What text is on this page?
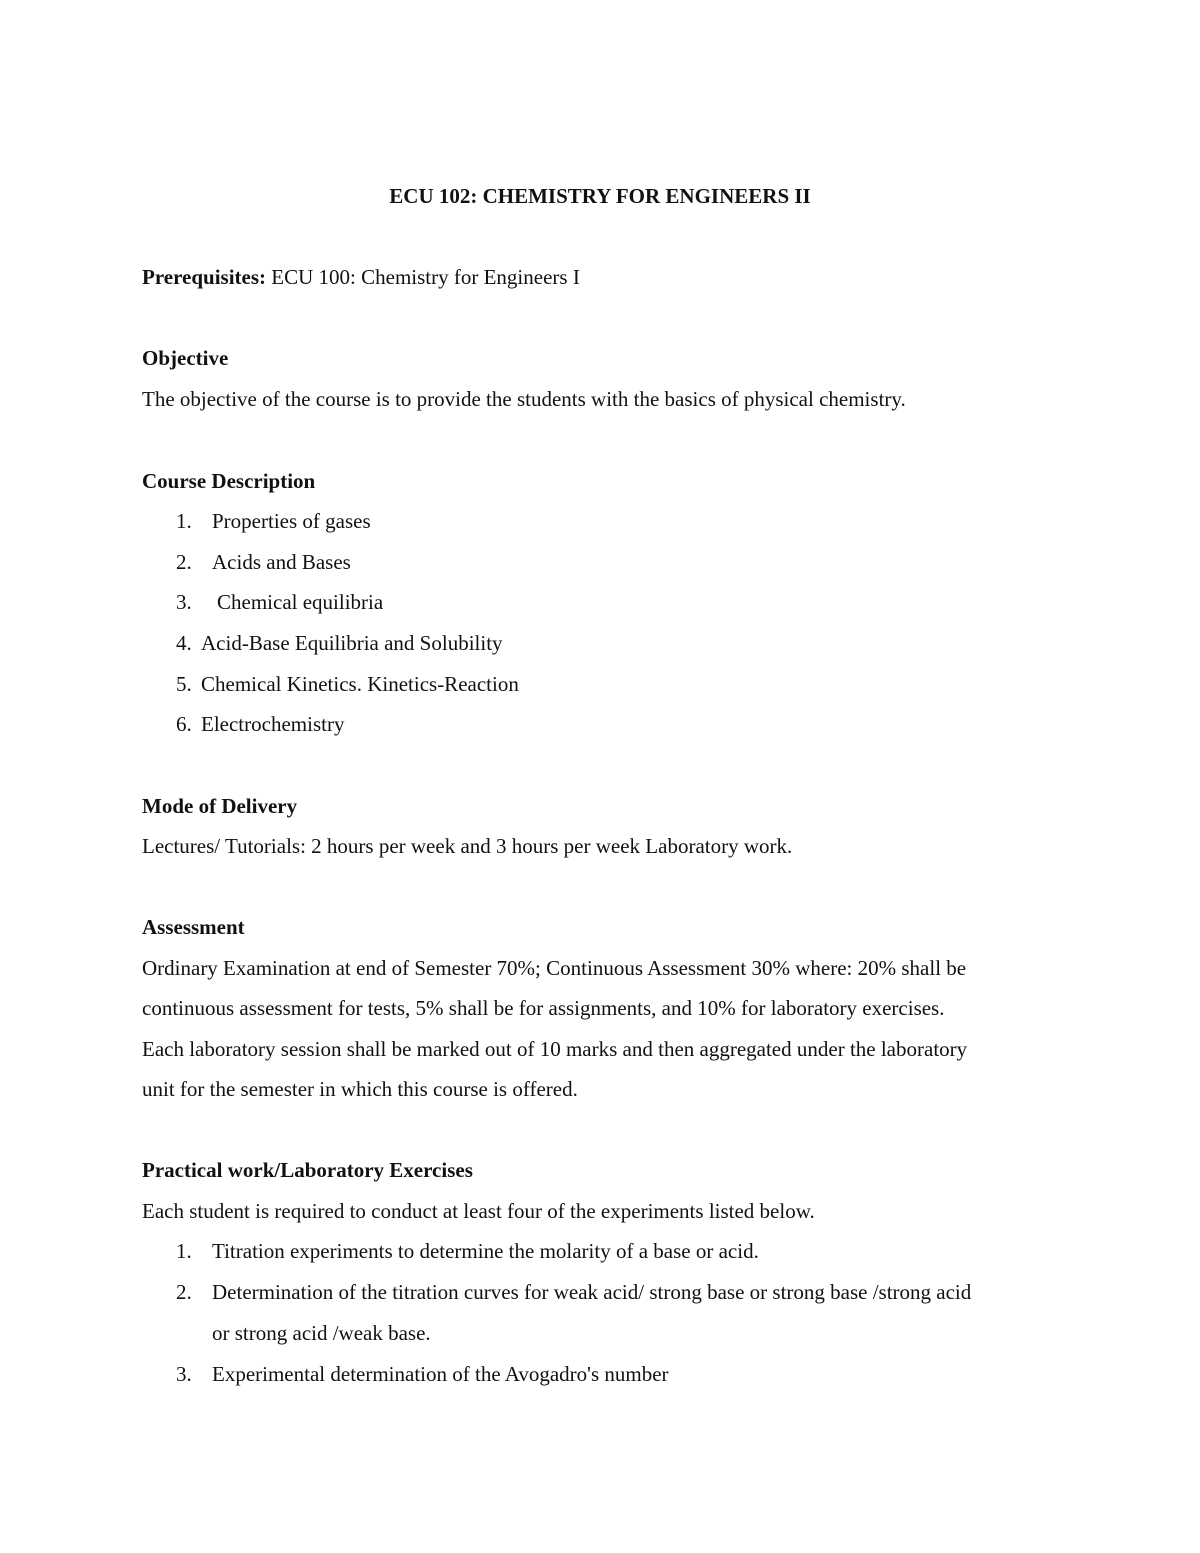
ECU 102: CHEMISTRY FOR ENGINEERS II
Prerequisites: ECU 100: Chemistry for Engineers I
Objective
The objective of the course is to provide the students with the basics of physical chemistry.
Course Description
1. Properties of gases
2. Acids and Bases
3. Chemical equilibria
4. Acid-Base Equilibria and Solubility
5. Chemical Kinetics. Kinetics-Reaction
6. Electrochemistry
Mode of Delivery
Lectures/ Tutorials: 2 hours per week and 3 hours per week Laboratory work.
Assessment
Ordinary Examination at end of Semester 70%; Continuous Assessment 30% where: 20% shall be
continuous assessment for tests, 5% shall be for assignments, and 10% for laboratory exercises.
Each laboratory session shall be marked out of 10 marks and then aggregated under the laboratory
unit for the semester in which this course is offered.
Practical work/Laboratory Exercises
Each student is required to conduct at least four of the experiments listed below.
1. Titration experiments to determine the molarity of a base or acid.
2. Determination of the titration curves for weak acid/ strong base or strong base /strong acid
or strong acid /weak base.
3. Experimental determination of the Avogadro's number
